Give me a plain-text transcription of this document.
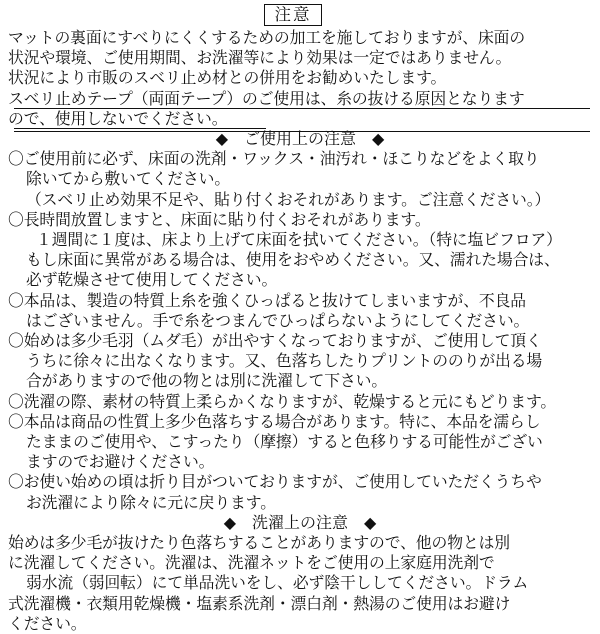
注意
マットの裏面にすべりにくくするための加工を施しておりますが、床面の
状況や環境、ご使用期間、お洗濯等により効果は一定ではありません。
状況により市販のスベリ止め材との併用をお勧めいたします。
スベリ止めテープ（両面テープ）のご使用は、糸の抜ける原因となります
ので、使用しないでください。
◆　ご使用上の注意　◆
〇ご使用前に必ず、床面の洗剤・ワックス・油汚れ・ほこりなどをよく取り
除いてから敷いてください。
（スベリ止め効果不足や、貼り付くおそれがあります。ご注意ください。）
〇長時間放置しますと、床面に貼り付くおそれがあります。
１週間に１度は、床より上げて床面を拭いてください。（特に塩ビフロア）
もし床面に異常がある場合は、使用をおやめください。又、濡れた場合は、
必ず乾燥させて使用してください。
〇本品は、製造の特質上糸を強くひっぱると抜けてしまいますが、不良品
はございません。手で糸をつまんでひっぱらないようにしてください。
〇始めは多少毛羽（ムダ毛）が出やすくなっておりますが、ご使用して頂く
うちに徐々に出なくなります。又、色落ちしたりプリントののりが出る場
合がありますので他の物とは別に洗濯して下さい。
〇洗濯の際、素材の特質上柔らかくなりますが、乾燥すると元にもどります。
〇本品は商品の性質上多少色落ちする場合があります。特に、本品を濡らし
たままのご使用や、こすったり（摩擦）すると色移りする可能性がござい
ますのでお避けください。
〇お使い始めの頃は折り目がついておりますが、ご使用していただくうちや
お洗濯により除々に元に戻ります。
◆　洗濯上の注意　◆
始めは多少毛が抜けたり色落ちすることがありますので、他の物とは別
に洗濯してください。洗濯は、洗濯ネットをご使用の上家庭用洗剤で
弱水流（弱回転）にて単品洗いをし、必ず陰干ししてください。ドラム
式洗濯機・衣類用乾燥機・塩素系洗剤・漂白剤・熱湯のご使用はお避け
ください。
